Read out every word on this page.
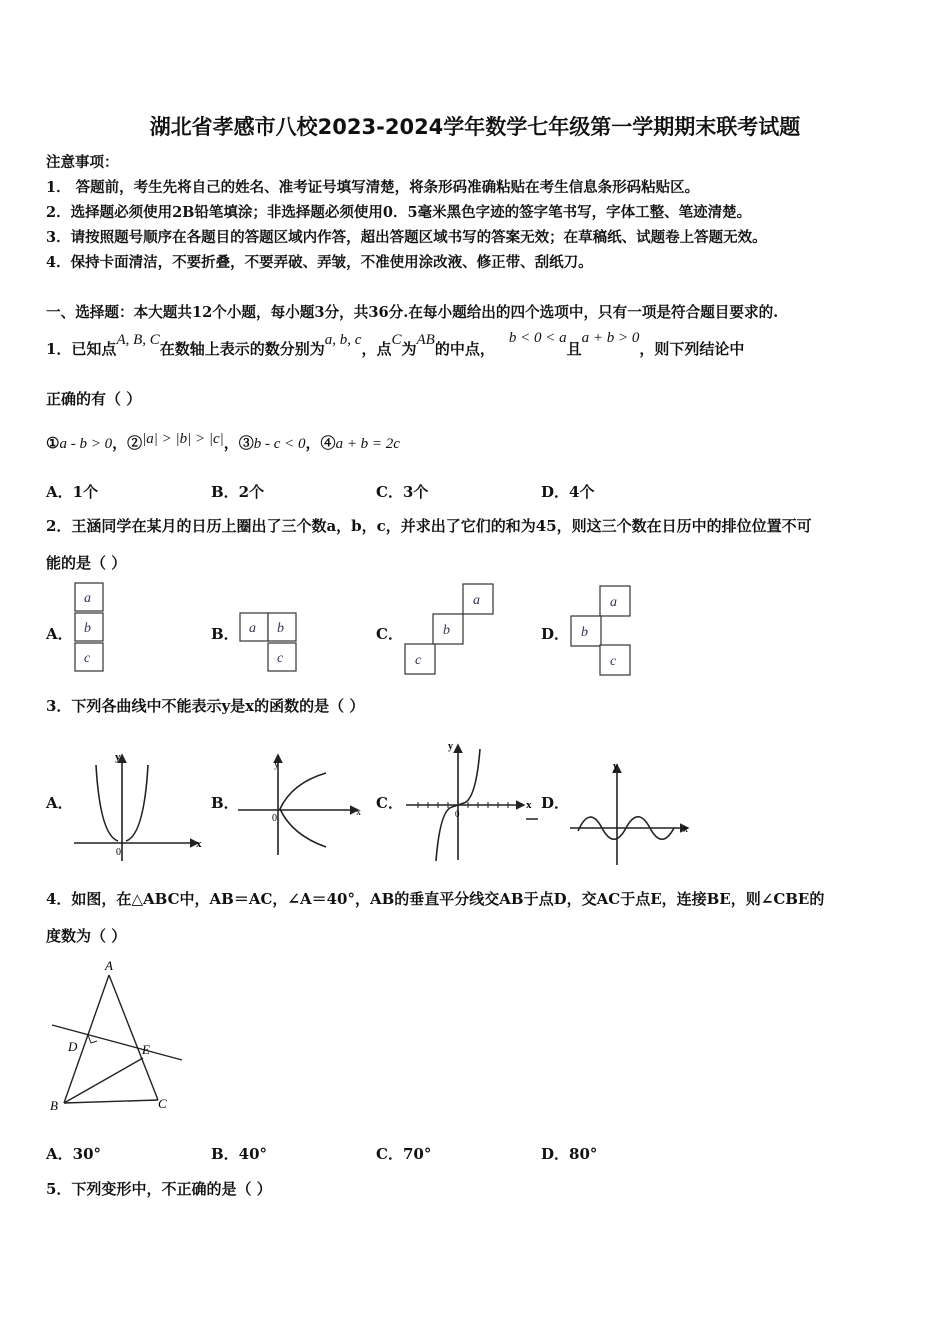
湖北省孝感市八校2023-2024学年数学七年级第一学期期末联考试题
注意事项：
1． 答题前，考生先将自己的姓名、准考证号填写清楚，将条形码准确粘贴在考生信息条形码粘贴区。
2．选择题必须使用2B铅笔填涂；非选择题必须使用0．5毫米黑色字迹的签字笔书写，字体工整、笔迹清楚。
3．请按照题号顺序在各题目的答题区域内作答，超出答题区域书写的答案无效；在草稿纸、试题卷上答题无效。
4．保持卡面清洁，不要折叠，不要弄破、弄皱，不准使用涂改液、修正带、刮纸刀。
一、选择题：本大题共12个小题，每小题3分，共36分.在每小题给出的四个选项中，只有一项是符合题目要求的.
1．已知点A, B, C在数轴上表示的数分别为a, b, c，点C为AB的中点，b < 0 < a且a + b > 0，则下列结论中
正确的有（ ）
①a - b > 0，②|a| > |b| > |c|，③b - c < 0，④a + b = 2c
A．1个	B．2个	C．3个	D．4个
2．王涵同学在某月的日历上圈出了三个数a，b，c，并求出了它们的和为45，则这三个数在日历中的排位位置不可
能的是（ ）
A．	B．	C．	D．
a
b
c
a b
c
a
b
c
a
b
c
3．下列各曲线中不能表示y是x的函数的是（ ）
A．	B．	C．	D．
x
y
0
x
y
0
x
y
0
x
y
4．如图，在△ABC中，AB＝AC，∠A＝40°，AB的垂直平分线交AB于点D，交AC于点E，连接BE，则∠CBE的
度数为（ ）
A
B	C
D	E
A．30°	B．40°	C．70°	D．80°
5．下列变形中，不正确的是（ ）
